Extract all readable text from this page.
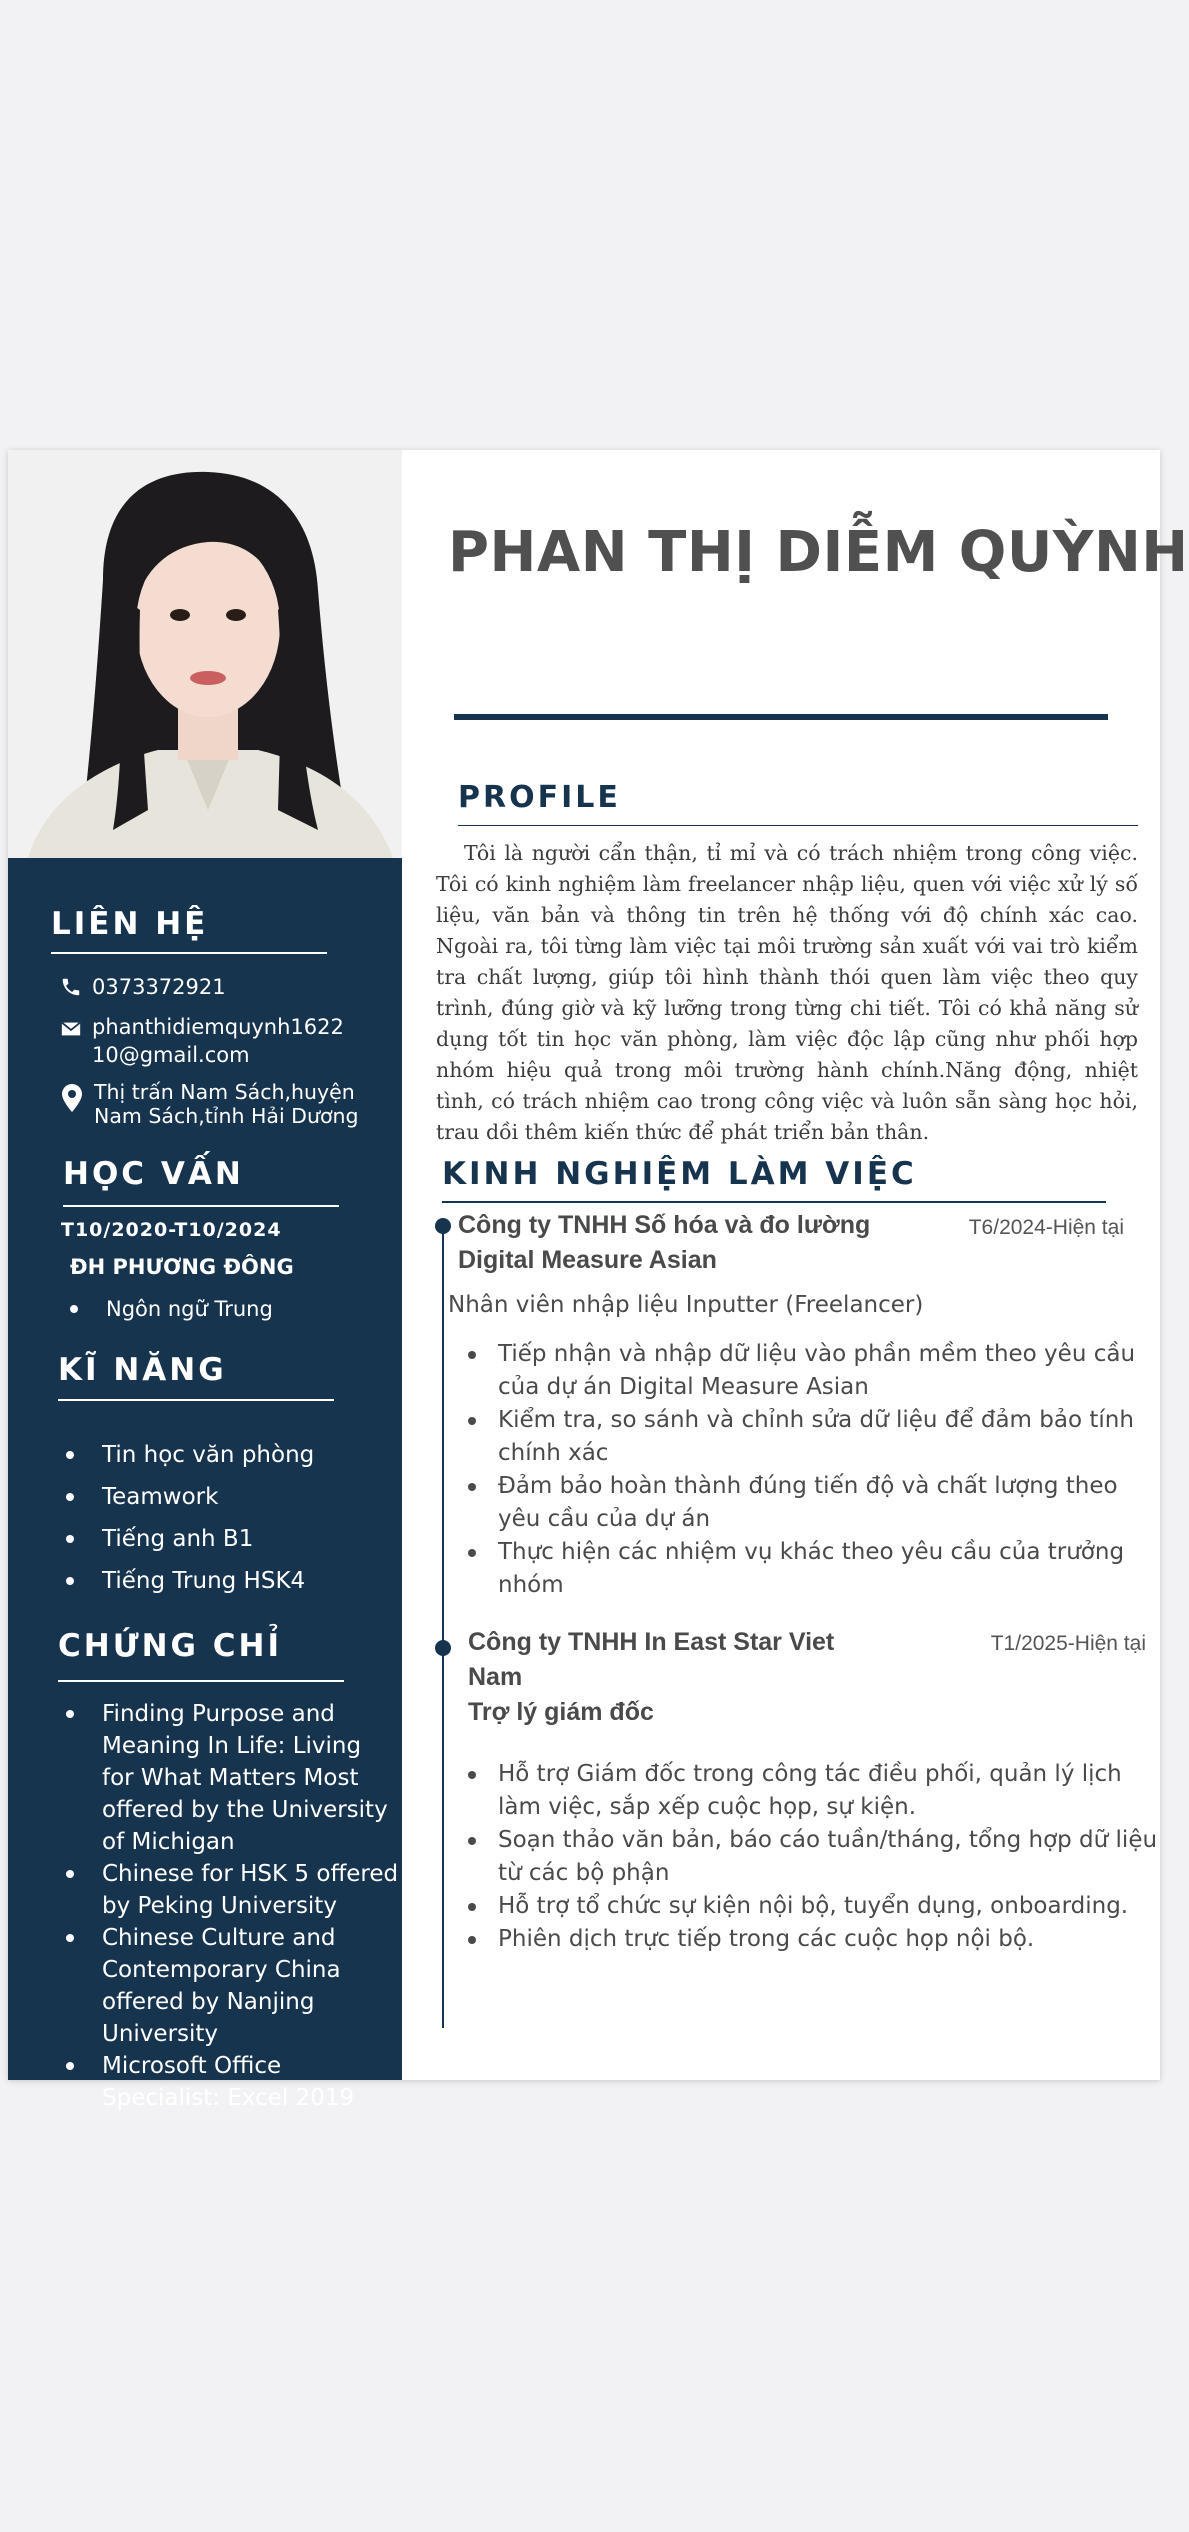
LIÊN HỆ
0373372921
phanthidiemquynh1622
10@gmail.com
Thị trấn Nam Sách,huyện
Nam Sách,tỉnh Hải Dương
HỌC VẤN
T10/2020-T10/2024
ĐH PHƯƠNG ĐÔNG
Ngôn ngữ Trung
KĨ NĂNG
Tin học văn phòng
Teamwork
Tiếng anh B1
Tiếng Trung HSK4
CHỨNG CHỈ
Finding Purpose and Meaning In Life: Living for What Matters Most offered by the University of Michigan
Chinese for HSK 5 offered by Peking University
Chinese Culture and Contemporary China offered by Nanjing University
Microsoft Office Specialist: Excel 2019
PHAN THỊ DIỄM QUỲNH
PROFILE
Tôi là người cẩn thận, tỉ mỉ và có trách nhiệm trong công việc. Tôi có kinh nghiệm làm freelancer nhập liệu, quen với việc xử lý số liệu, văn bản và thông tin trên hệ thống với độ chính xác cao. Ngoài ra, tôi từng làm việc tại môi trường sản xuất với vai trò kiểm tra chất lượng, giúp tôi hình thành thói quen làm việc theo quy trình, đúng giờ và kỹ lưỡng trong từng chi tiết. Tôi có khả năng sử dụng tốt tin học văn phòng, làm việc độc lập cũng như phối hợp nhóm hiệu quả trong môi trường hành chính.Năng động, nhiệt tình, có trách nhiệm cao trong công việc và luôn sẵn sàng học hỏi, trau dồi thêm kiến thức để phát triển bản thân.
KINH NGHIỆM LÀM VIỆC
Công ty TNHH Số hóa và đo lường
Digital Measure Asian
T6/2024-Hiện tại
Nhân viên nhập liệu Inputter (Freelancer)
Tiếp nhận và nhập dữ liệu vào phần mềm theo yêu cầu của dự án Digital Measure Asian
Kiểm tra, so sánh và chỉnh sửa dữ liệu để đảm bảo tính chính xác
Đảm bảo hoàn thành đúng tiến độ và chất lượng theo yêu cầu của dự án
Thực hiện các nhiệm vụ khác theo yêu cầu của trưởng nhóm
Công ty TNHH In East Star Viet
Nam
T1/2025-Hiện tại
Trợ lý giám đốc
Hỗ trợ Giám đốc trong công tác điều phối, quản lý lịch làm việc, sắp xếp cuộc họp, sự kiện.
Soạn thảo văn bản, báo cáo tuần/tháng, tổng hợp dữ liệu từ các bộ phận
Hỗ trợ tổ chức sự kiện nội bộ, tuyển dụng, onboarding.
Phiên dịch trực tiếp trong các cuộc họp nội bộ.
